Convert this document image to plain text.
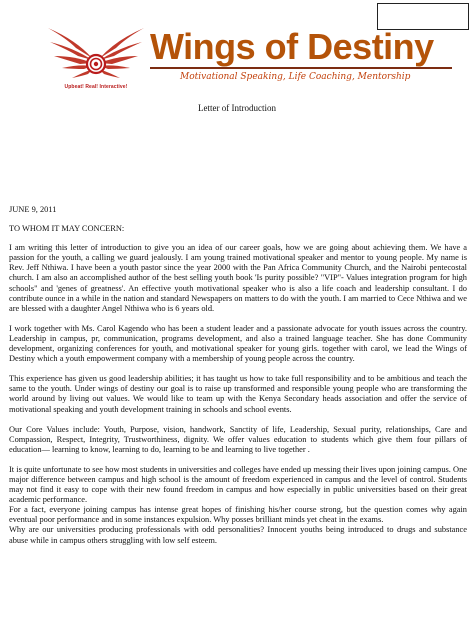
Upbeat! Real! Interactive!
Wings of Destiny
Motivational Speaking, Life Coaching, Mentorship
Letter of Introduction

JUNE 9, 2011

TO WHOM IT MAY CONCERN:

I am writing this letter of introduction to give you an idea of our career goals, how we are going about achieving them. We have a passion for the youth, a calling we guard jealously. I am young trained motivational speaker and mentor to young people. My name is Rev. Jeff Nthiwa. I have been a youth pastor since the year 2000 with the Pan Africa Community Church, and the Nairobi pentecostal church. I am also an accomplished author of the best selling youth book 'Is purity possible? "VIP"- Values integration program for high schools" and 'genes of greatness'. An effective youth motivational speaker who is also a life coach and leadership consultant. I do contribute ounce in a while in the nation and standard Newspapers on matters to do with the youth. I am married to Cece Nthiwa and we are blessed with a daughter Angel Nthiwa who is 6 years old.

I work together with Ms. Carol Kagendo who has been a student leader and a passionate advocate for youth issues across the country. Leadership in campus, pr, communication, programs development, and also a trained language teacher. She has done Community development, organizing conferences for youth, and motivational speaker for young girls. together with carol, we lead the Wings of Destiny which a youth empowerment company with a membership of young people across the country.

This experience has given us good leadership abilities; it has taught us how to take full responsibility and to be ambitious and teach the same to the youth. Under wings of destiny our goal is to raise up transformed and responsible young people who are transforming the world around by living out values. We would like to team up with the Kenya Secondary heads association and offer the service of motivational speaking and youth development training in schools and school events.

Our Core Values include: Youth, Purpose, vision, handwork, Sanctity of life, Leadership, Sexual purity, relationships, Care and Compassion, Respect, Integrity, Trustworthiness, dignity. We offer values education to students which give them four pillars of education— learning to know, learning to do, learning to be and learning to live together .

It is quite unfortunate to see how most students in universities and colleges have ended up messing their lives upon joining campus. One major difference between campus and high school is the amount of freedom experienced in campus and the level of control. Students may not find it easy to cope with their new found freedom in campus and how especially in public universities based on their great academic performance.

For a fact, everyone joining campus has intense great hopes of finishing his/her course strong, but the question comes why again eventual poor performance and in some instances expulsion. Why posses brilliant minds yet cheat in the exams.

Why are our universities producing professionals with odd personalities? Innocent youths being introduced to drugs and substance abuse while in campus others struggling with low self esteem.
